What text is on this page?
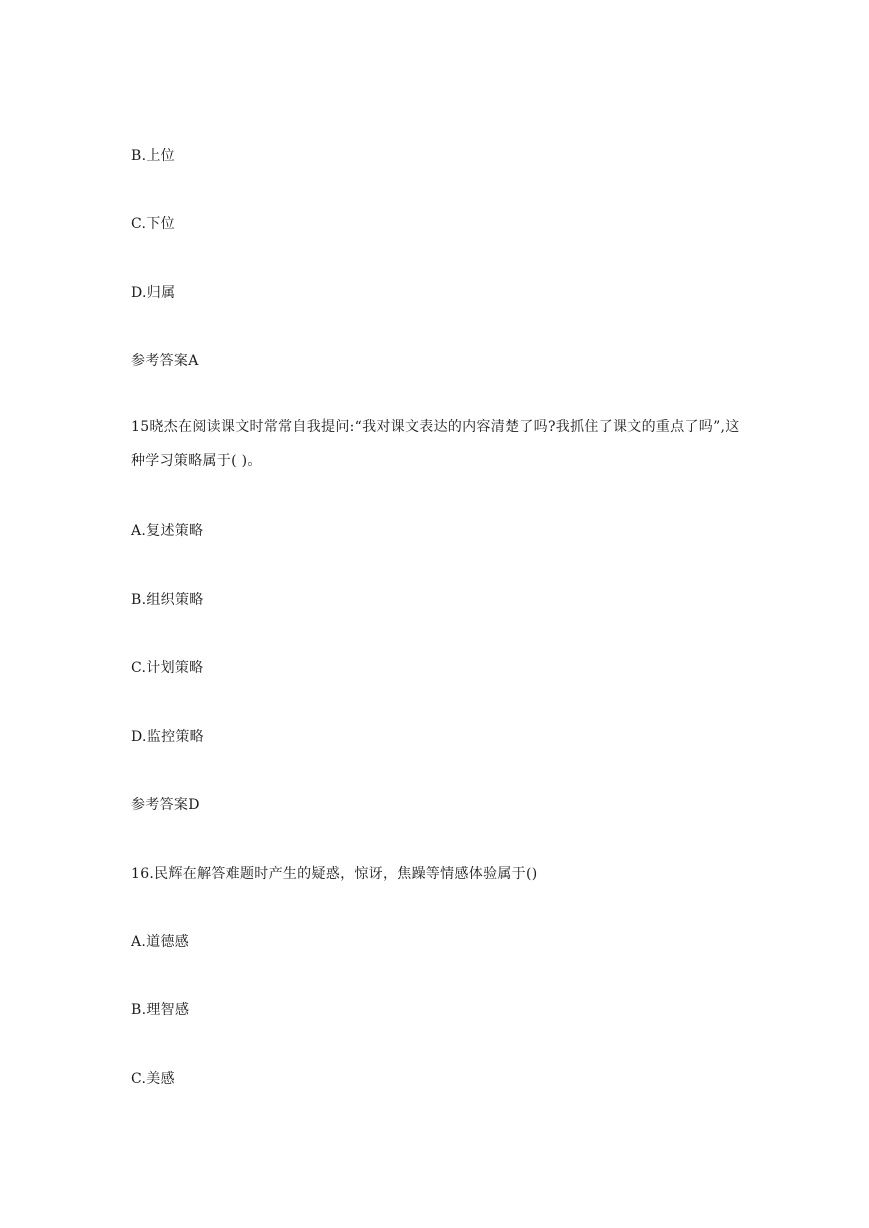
B.上位
C.下位
D.归属
参考答案A
15晓杰在阅读课文时常常自我提问:“我对课文表达的内容清楚了吗?我抓住了课文的重点了吗”,这种学习策略属于( )。
A.复述策略
B.组织策略
C.计划策略
D.监控策略
参考答案D
16.民辉在解答难题时产生的疑惑，惊讶，焦躁等情感体验属于()
A.道德感
B.理智感
C.美感
